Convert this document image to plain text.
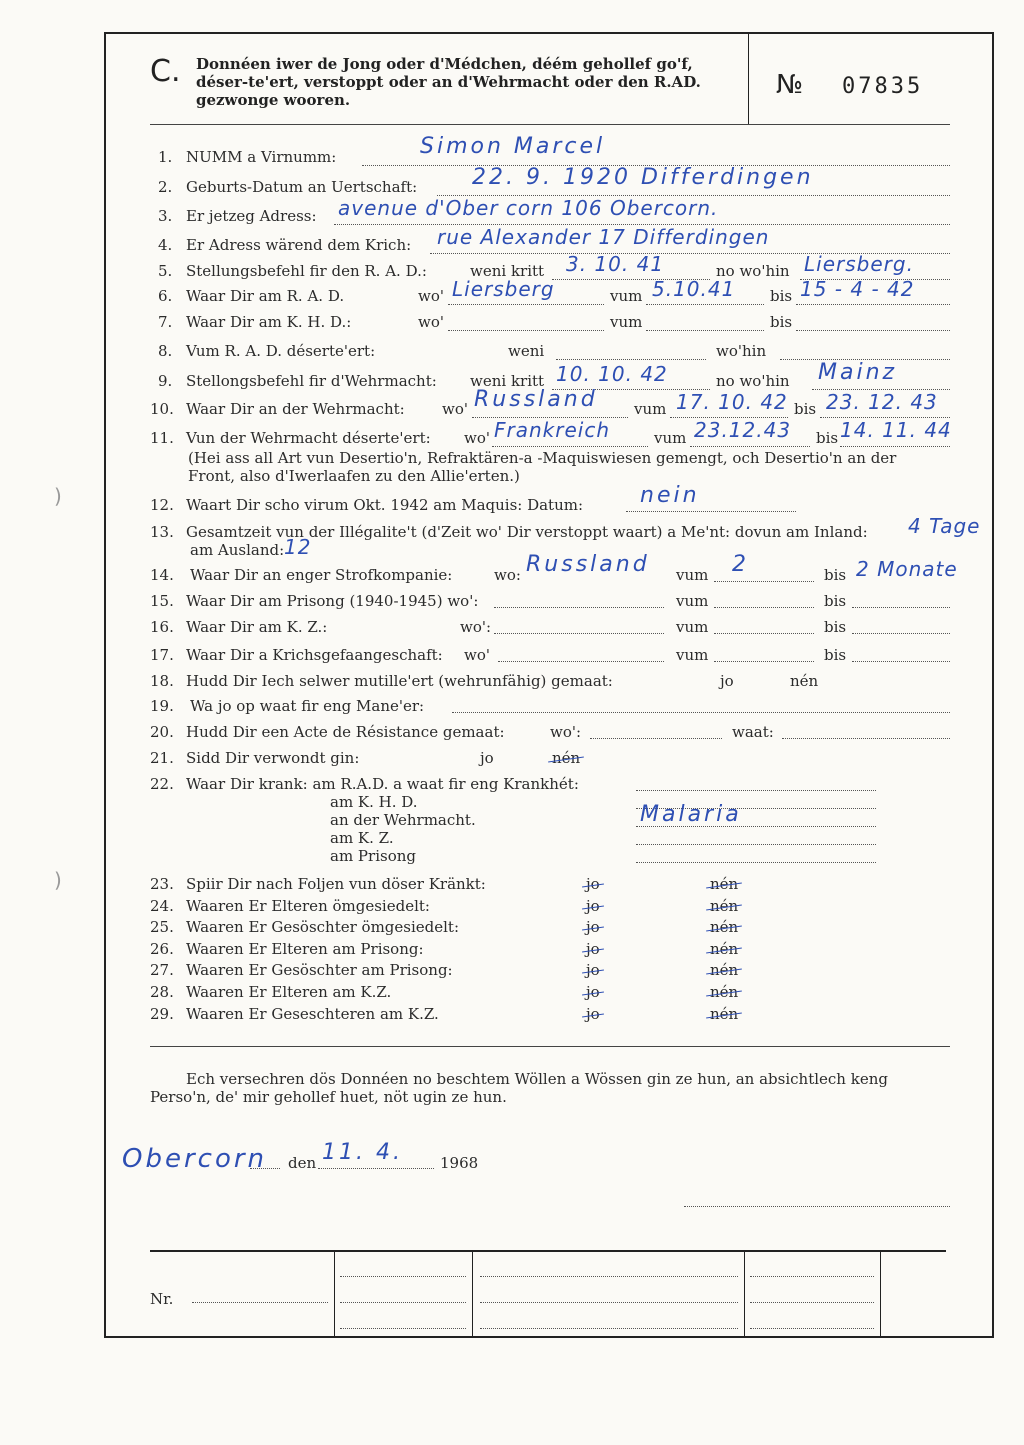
)
)
C. Donnéen iwer de Jong oder d'Médchen, déém gehollef go'f, déser-te'ert, verstoppt oder an d'Wehrmacht oder den R.AD. gezwonge wooren.	№ 07835
1. NUMM a Virnumm:	Simon Marcel
2. Geburts-Datum an Uertschaft: 22. 9. 1920 Differdingen
3. Er jetzeg Adress: avenue d'Ober corn 106 Obercorn.
4. Er Adress wärend dem Krich: rue Alexander 17 Differdingen
5. Stellungsbefehl fir den R. A. D.:	weni kritt 3. 10. 41	no wo'hin Liersberg.
6. Waar Dir am R. A. D.	wo' Liersberg	vum 5.10.41 bis 15 - 4 - 42
7. Waar Dir am K. H. D.:	wo'	vum	bis
8. Vum R. A. D. déserte'ert:	weni	wo'hin
9. Stellongsbefehl fir d'Wehrmacht: weni kritt 10. 10. 42	no wo'hin Mainz
10. Waar Dir an der Wehrmacht: wo' Russland vum 17. 10. 42 bis 23. 12. 43
11. Vun der Wehrmacht déserte'ert: wo' Frankreich	vum 23.12.43 bis 14. 11. 44
(Hei ass all Art vun Desertio'n, Refraktären-a -Maquiswiesen gemengt, och Desertio'n an der
Front, also d'Iwerlaafen zu den Allie'erten.)
12. Waart Dir scho virum Okt. 1942 am Maquis: Datum:	nein
13. Gesamtzeit vun der Illégalite't (d'Zeit wo' Dir verstoppt waart) a Me'nt: dovun am Inland: 4 Tage
am Ausland: 12
14. Waar Dir an enger Strofkompanie:	wo: Russland vum 2	bis 2 Monate
15. Waar Dir am Prisong (1940-1945) wo':	vum	bis
16. Waar Dir am K. Z.:	wo':	vum	bis
17. Waar Dir a Krichsgefaangeschaft: wo'	vum	bis
18. Hudd Dir Iech selwer mutille'ert (wehrunfähig) gemaat:	jo	nén
19. Wa jo op waat fir eng Mane'er:
20. Hudd Dir een Acte de Résistance gemaat:	wo':	waat:
21. Sidd Dir verwondt gin:	jo	nén
22. Waar Dir krank: am R.A.D. a waat fir eng Krankhét:
am K. H. D.
an der Wehrmacht.	Malaria
am K. Z.
am Prisong
23. Spiir Dir nach Foljen vun döser Kränkt:	jo	nén
24. Waaren Er Elteren ömgesiedelt:	jo	nén
25. Waaren Er Gesöschter ömgesiedelt:	jo	nén
26. Waaren Er Elteren am Prisong:	jo	nén
27. Waaren Er Gesöschter am Prisong:	jo	nén
28. Waaren Er Elteren am K.Z.	jo	nén
29. Waaren Er Geseschteren am K.Z.	jo	nén
Ech versechren dös Donnéen no beschtem Wöllen a Wössen gin ze hun, an absichtlech keng
Perso'n, de' mir gehollef huet, nöt ugin ze hun.
Obercorn den 11. 4. 1968
Nr.
